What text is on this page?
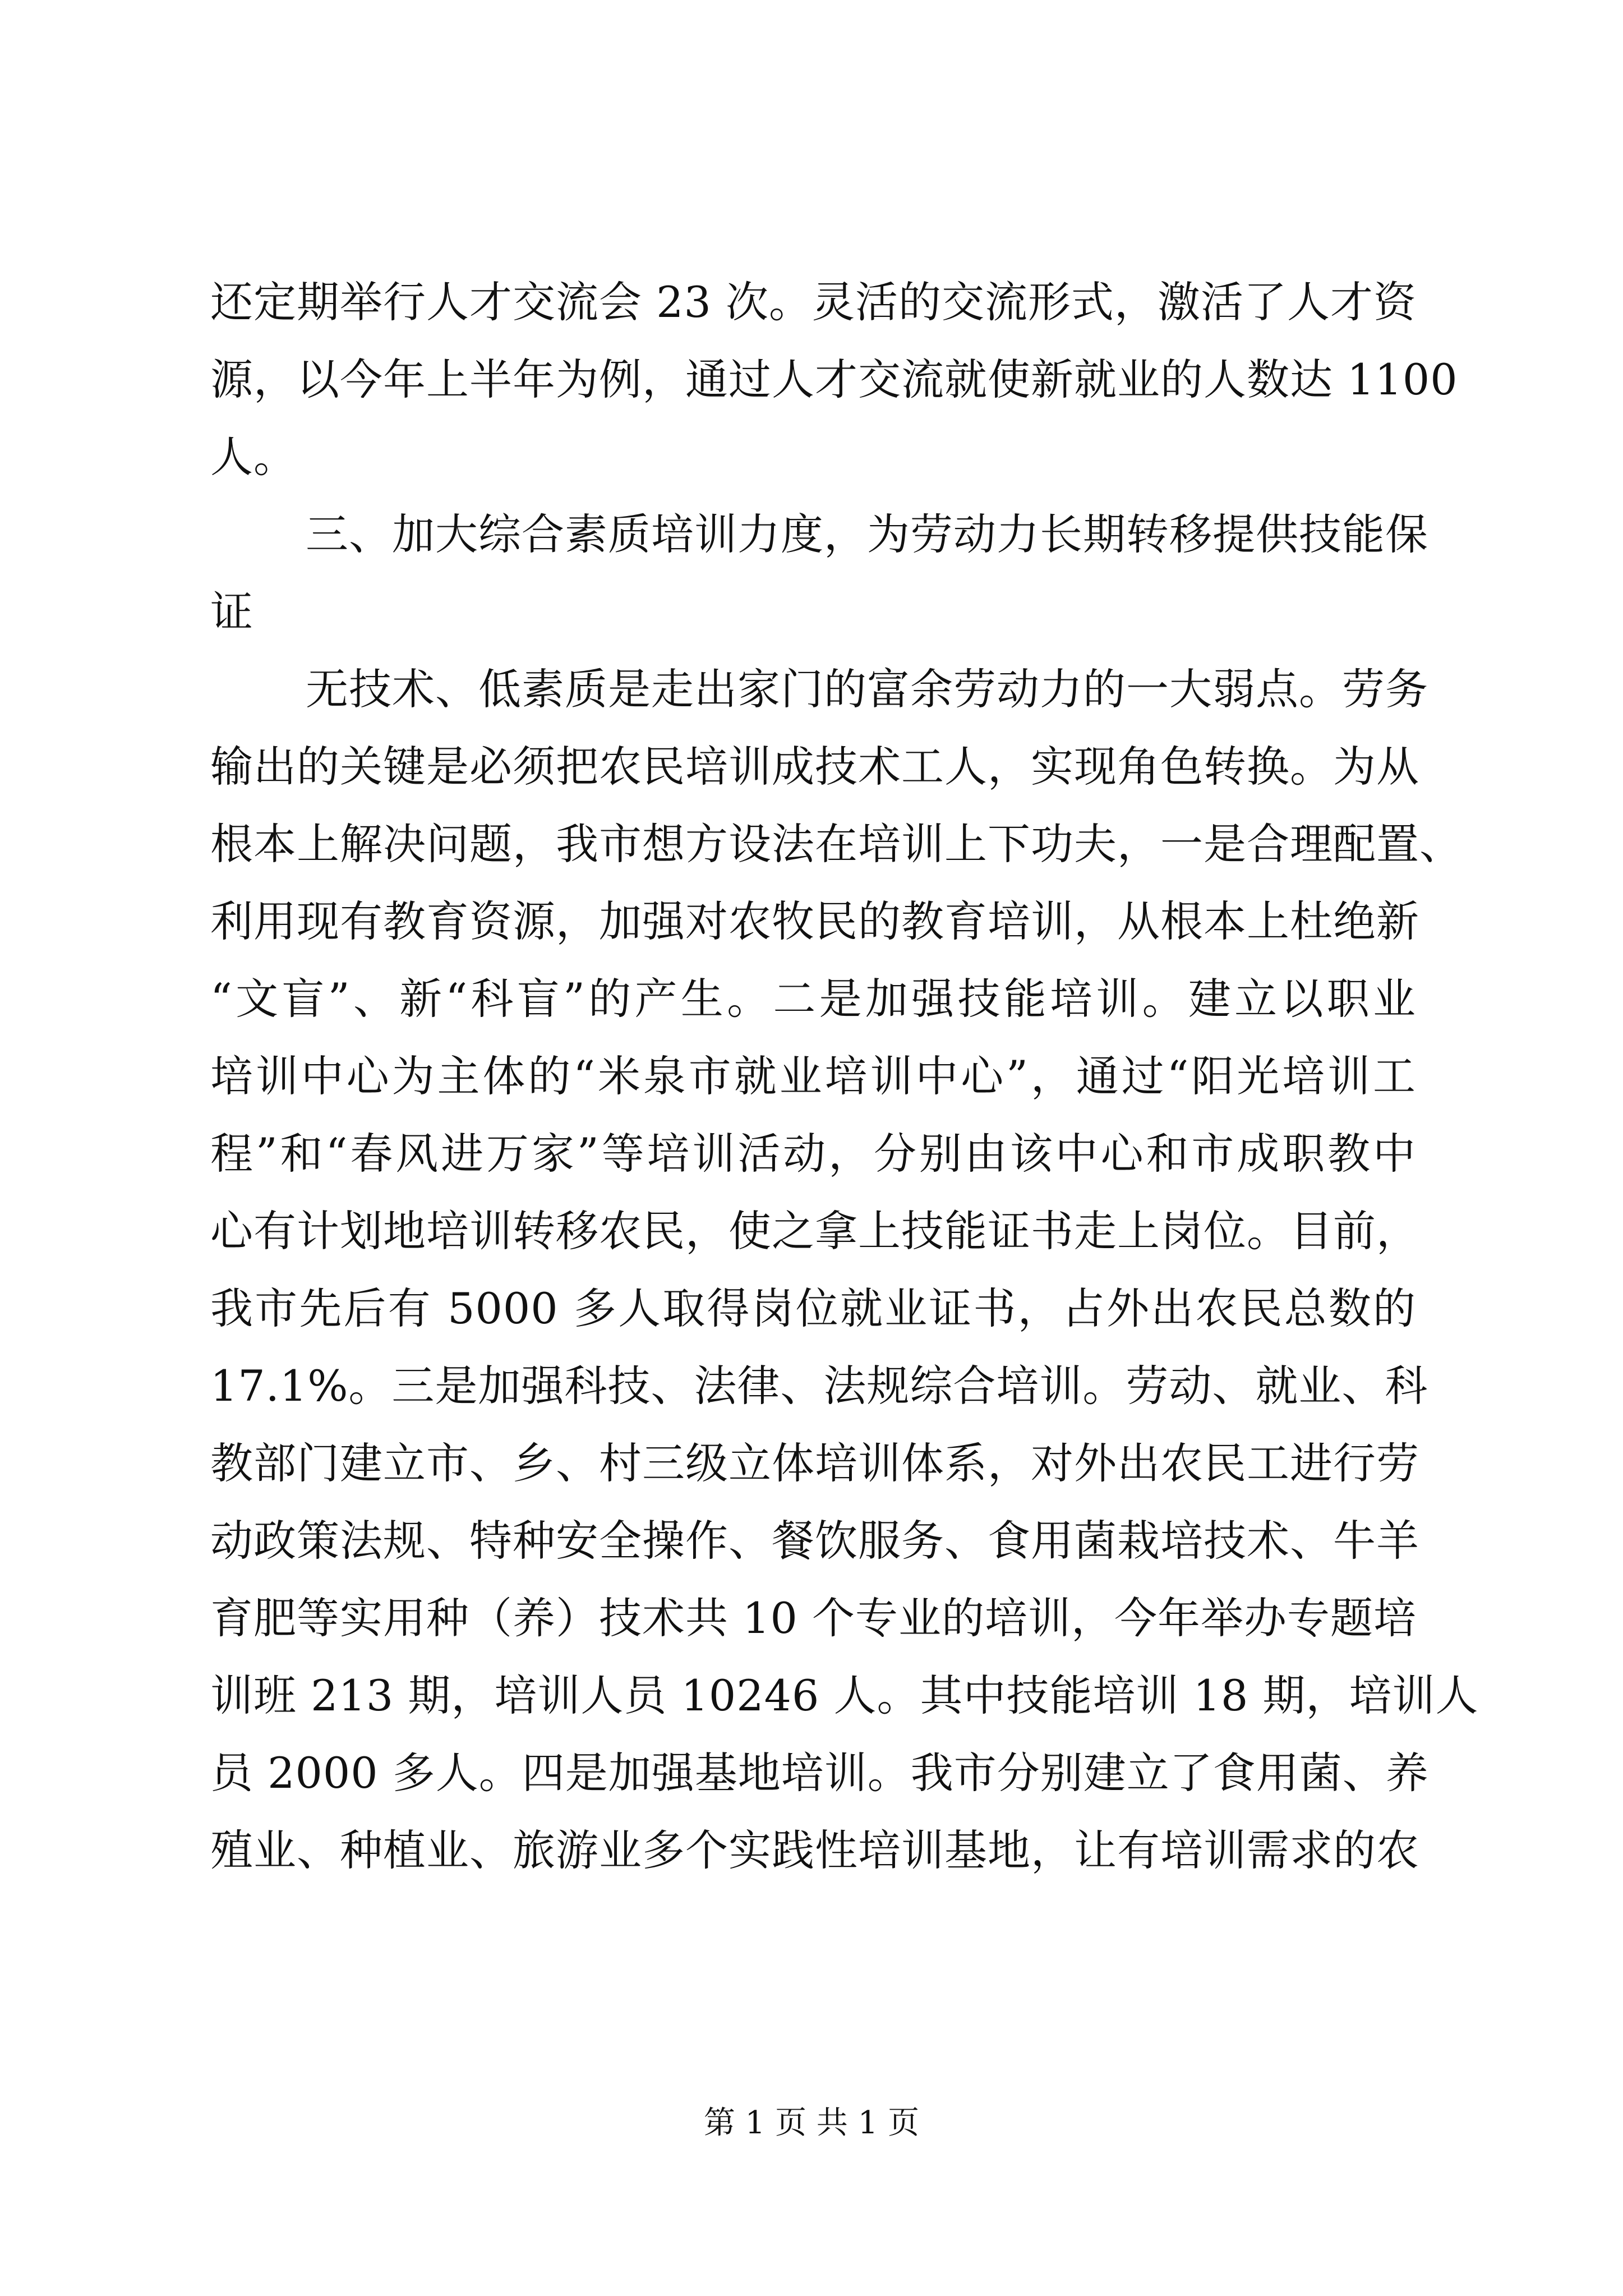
还定期举行人才交流会 23 次。灵活的交流形式，激活了人才资
源，以今年上半年为例，通过人才交流就使新就业的人数达 1100
人。
三、加大综合素质培训力度，为劳动力长期转移提供技能保
证
无技术、低素质是走出家门的富余劳动力的一大弱点。劳务
输出的关键是必须把农民培训成技术工人，实现角色转换。为从
根本上解决问题，我市想方设法在培训上下功夫，一是合理配置、
利用现有教育资源，加强对农牧民的教育培训，从根本上杜绝新
“文盲”、新“科盲”的产生。二是加强技能培训。建立以职业
培训中心为主体的“米泉市就业培训中心”，通过“阳光培训工
程”和“春风进万家”等培训活动，分别由该中心和市成职教中
心有计划地培训转移农民，使之拿上技能证书走上岗位。目前，
我市先后有 5000 多人取得岗位就业证书，占外出农民总数的
17.1%。三是加强科技、法律、法规综合培训。劳动、就业、科
教部门建立市、乡、村三级立体培训体系，对外出农民工进行劳
动政策法规、特种安全操作、餐饮服务、食用菌栽培技术、牛羊
育肥等实用种（养）技术共 10 个专业的培训，今年举办专题培
训班 213 期，培训人员 10246 人。其中技能培训 18 期，培训人
员 2000 多人。四是加强基地培训。我市分别建立了食用菌、养
殖业、种植业、旅游业多个实践性培训基地，让有培训需求的农
第 1 页 共 1 页
